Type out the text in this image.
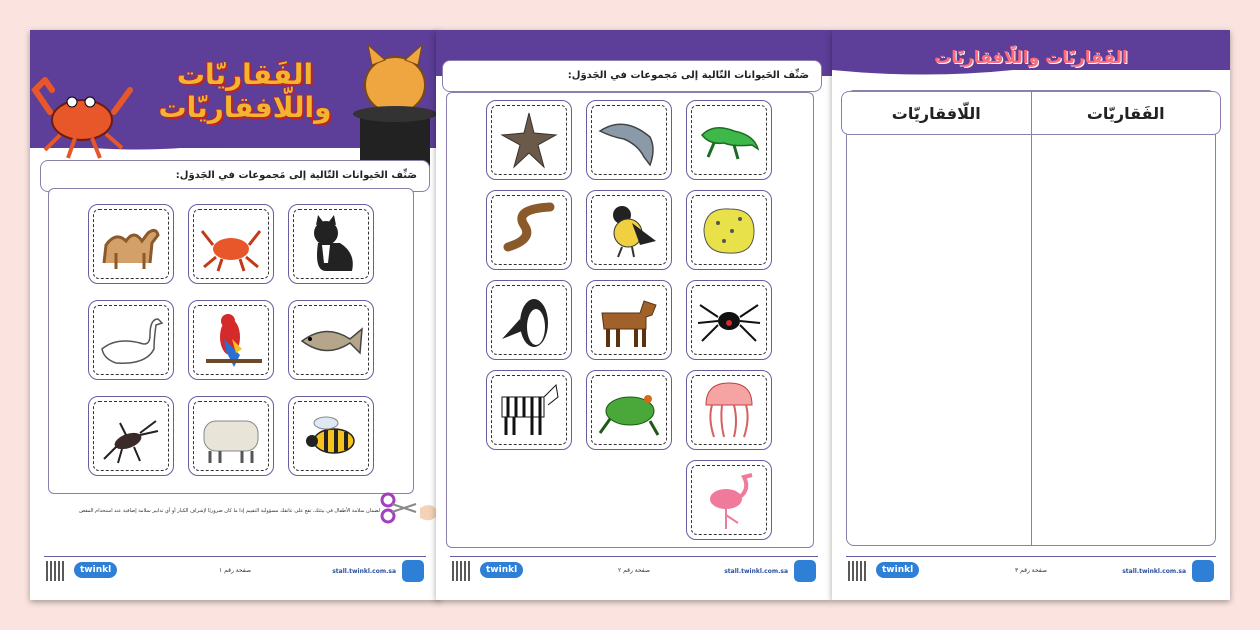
الفَقاريّات واللّافقاريّات
صَنِّف الحَيوانات التّالية إلى مَجموعات في الجَدوَل:
لضمان سلامة الأطفال في بيئتك، تقع على عاتقك مسؤولية التقييم إذا ما كان ضروريًا لإشراف الكبار أو أي تدابير سلامة إضافية عند استخدام المقص
twinkl	صفحة رقم ١	stall.twinkl.com.sa
صَنِّف الحَيوانات التّالية إلى مَجموعات في الجَدوَل:
twinkl	صفحة رقم ٢	stall.twinkl.com.sa
الفَقاريّات واللّافقاريّات
الفَقاريّات
اللّافقاريّات
twinkl	صفحة رقم ٣	stall.twinkl.com.sa
